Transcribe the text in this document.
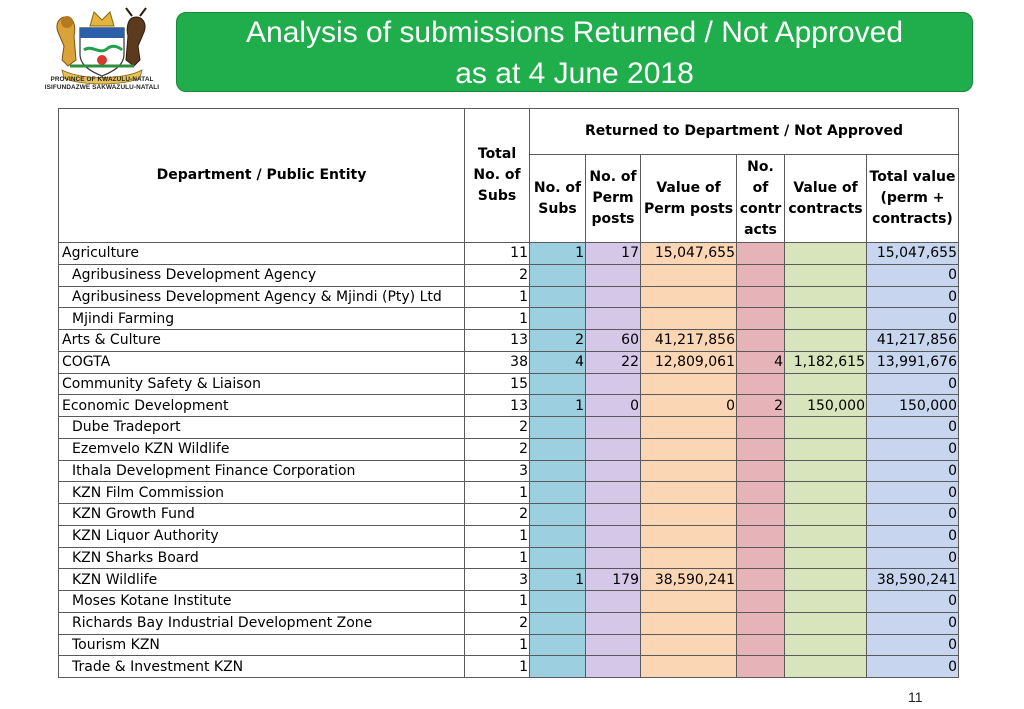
PROVINCE OF KWAZULU-NATAL
ISIFUNDAZWE SAKWAZULU-NATALI
Analysis of submissions Returned / Not Approved
as at 4 June 2018
Department / Public Entity	Total No. of Subs	Returned to Department / Not Approved					
		No. of Subs	No. of Perm posts	Value of Perm posts	No. of contr acts	Value of contracts	Total value (perm + contracts)
Agriculture	11	1	17	15,047,655			15,047,655
Agribusiness Development Agency	2						0
Agribusiness Development Agency & Mjindi (Pty) Ltd	1						0
Mjindi Farming	1						0
Arts & Culture	13	2	60	41,217,856			41,217,856
COGTA	38	4	22	12,809,061	4	1,182,615	13,991,676
Community Safety & Liaison	15						0
Economic Development	13	1	0	0	2	150,000	150,000
Dube Tradeport	2						0
Ezemvelo KZN Wildlife	2						0
Ithala Development Finance Corporation	3						0
KZN Film Commission	1						0
KZN Growth Fund	2						0
KZN Liquor Authority	1						0
KZN Sharks Board	1						0
KZN Wildlife	3	1	179	38,590,241			38,590,241
Moses Kotane Institute	1						0
Richards Bay Industrial Development Zone	2						0
Tourism KZN	1						0
Trade & Investment KZN	1						0
11
